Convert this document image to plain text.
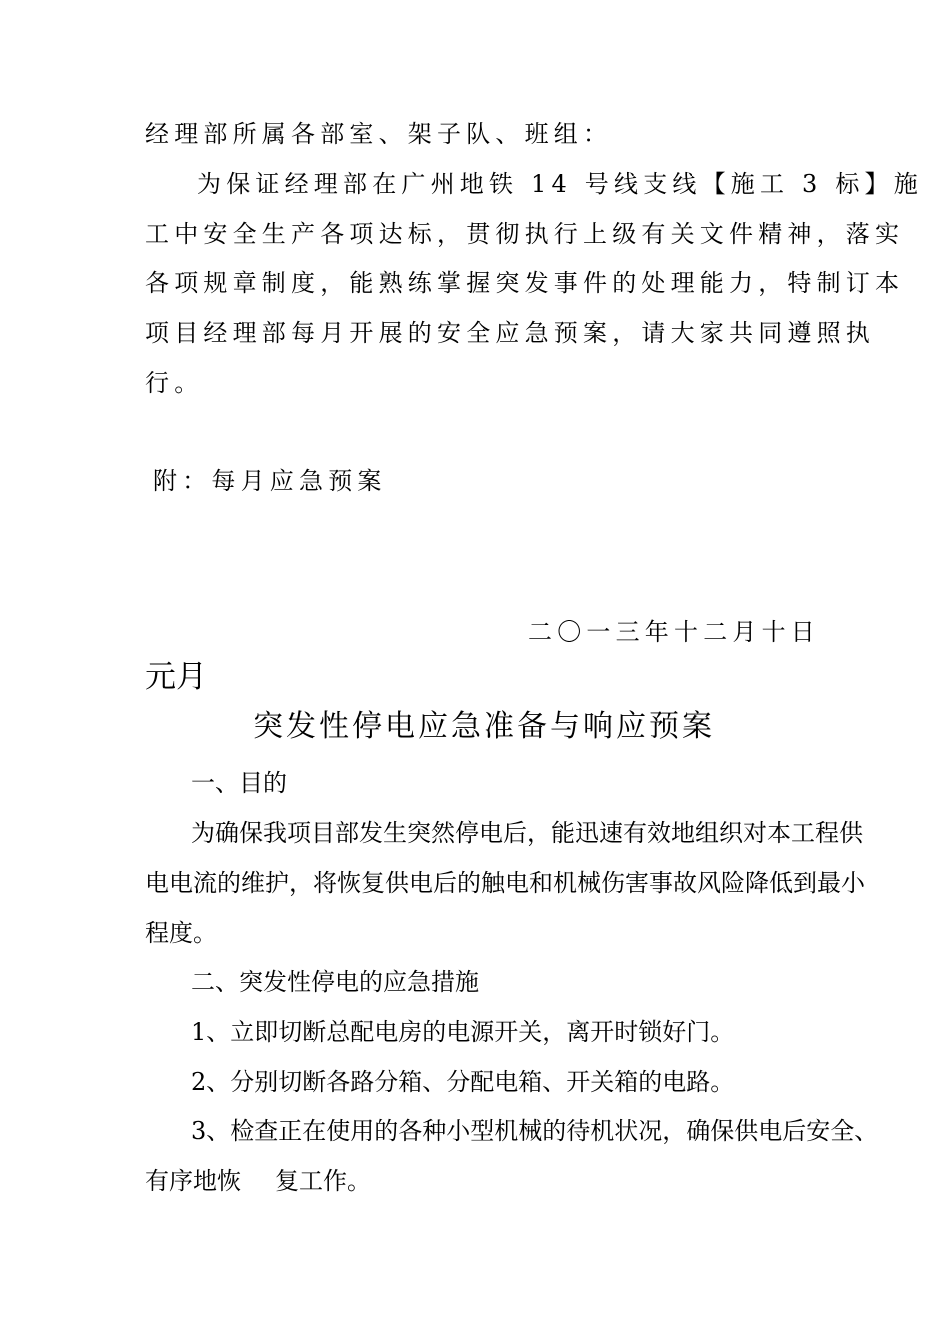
经理部所属各部室、架子队、班组：
为保证经理部在广州地铁 14 号线支线【施工 3 标】施
工中安全生产各项达标，贯彻执行上级有关文件精神，落实
各项规章制度，能熟练掌握突发事件的处理能力，特制订本
项目经理部每月开展的安全应急预案，请大家共同遵照执
行。
附：每月应急预案
二〇一三年十二月十日
元月
突发性停电应急准备与响应预案
一、目的
为确保我项目部发生突然停电后，能迅速有效地组织对本工程供
电电流的维护，将恢复供电后的触电和机械伤害事故风险降低到最小
程度。
二、突发性停电的应急措施
1、立即切断总配电房的电源开关，离开时锁好门。
2、分别切断各路分箱、分配电箱、开关箱的电路。
3、检查正在使用的各种小型机械的待机状况，确保供电后安全、
有序地恢 复工作。
